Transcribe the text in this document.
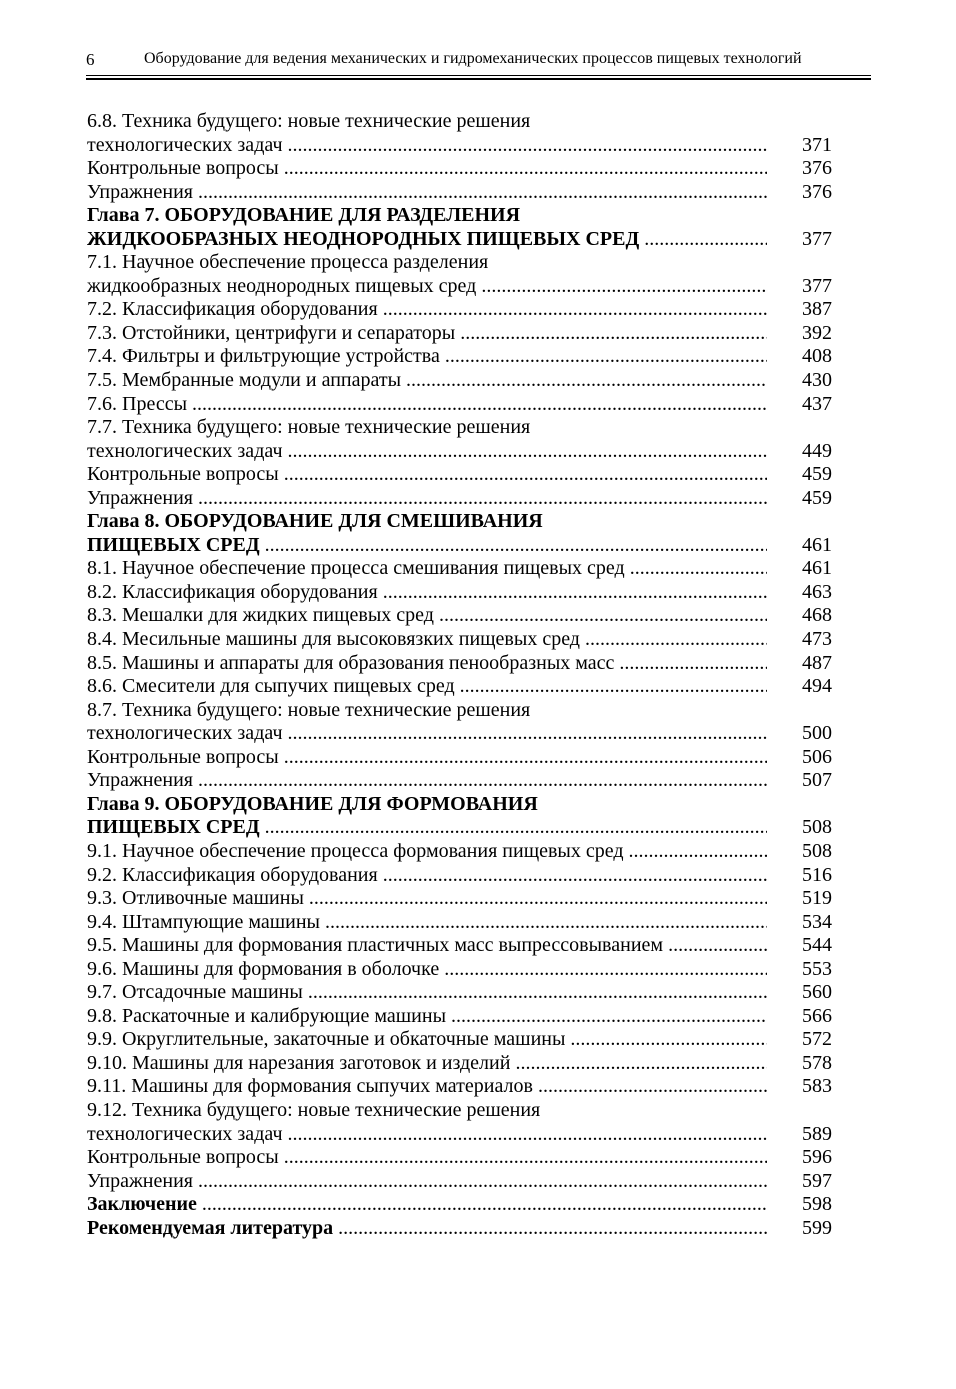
6	Оборудование для ведения механических и гидромеханических процессов пищевых технологий
6.8. Техника будущего: новые технические решения
технологических задач .....	371
Контрольные вопросы .....	376
Упражнения .....	376
Глава 7. ОБОРУДОВАНИЕ ДЛЯ РАЗДЕЛЕНИЯ
ЖИДКООБРАЗНЫХ НЕОДНОРОДНЫХ ПИЩЕВЫХ СРЕД .....	377
7.1. Научное обеспечение процесса разделения
жидкообразных неоднородных пищевых сред .....	377
7.2. Классификация оборудования .....	387
7.3. Отстойники, центрифуги и сепараторы .....	392
7.4. Фильтры и фильтрующие устройства .....	408
7.5. Мембранные модули и аппараты .....	430
7.6. Прессы .....	437
7.7. Техника будущего: новые технические решения
технологических задач .....	449
Контрольные вопросы .....	459
Упражнения .....	459
Глава 8. ОБОРУДОВАНИЕ ДЛЯ СМЕШИВАНИЯ
ПИЩЕВЫХ СРЕД .....	461
8.1. Научное обеспечение процесса смешивания пищевых сред .....	461
8.2. Классификация оборудования .....	463
8.3. Мешалки для жидких пищевых сред .....	468
8.4. Месильные машины для высоковязких пищевых сред .....	473
8.5. Машины и аппараты для образования пенообразных масс .....	487
8.6. Смесители для сыпучих пищевых сред .....	494
8.7. Техника будущего: новые технические решения
технологических задач .....	500
Контрольные вопросы .....	506
Упражнения .....	507
Глава 9. ОБОРУДОВАНИЕ ДЛЯ ФОРМОВАНИЯ
ПИЩЕВЫХ СРЕД .....	508
9.1. Научное обеспечение процесса формования пищевых сред .....	508
9.2. Классификация оборудования .....	516
9.3. Отливочные машины .....	519
9.4. Штампующие машины .....	534
9.5. Машины для формования пластичных масс выпрессовыванием .....	544
9.6. Машины для формования в оболочке .....	553
9.7. Отсадочные машины .....	560
9.8. Раскаточные и калибрующие машины .....	566
9.9. Округлительные, закаточные и обкаточные машины .....	572
9.10. Машины для нарезания заготовок и изделий .....	578
9.11. Машины для формования сыпучих материалов .....	583
9.12. Техника будущего: новые технические решения
технологических задач .....	589
Контрольные вопросы .....	596
Упражнения .....	597
Заключение .....	598
Рекомендуемая литература .....	599
